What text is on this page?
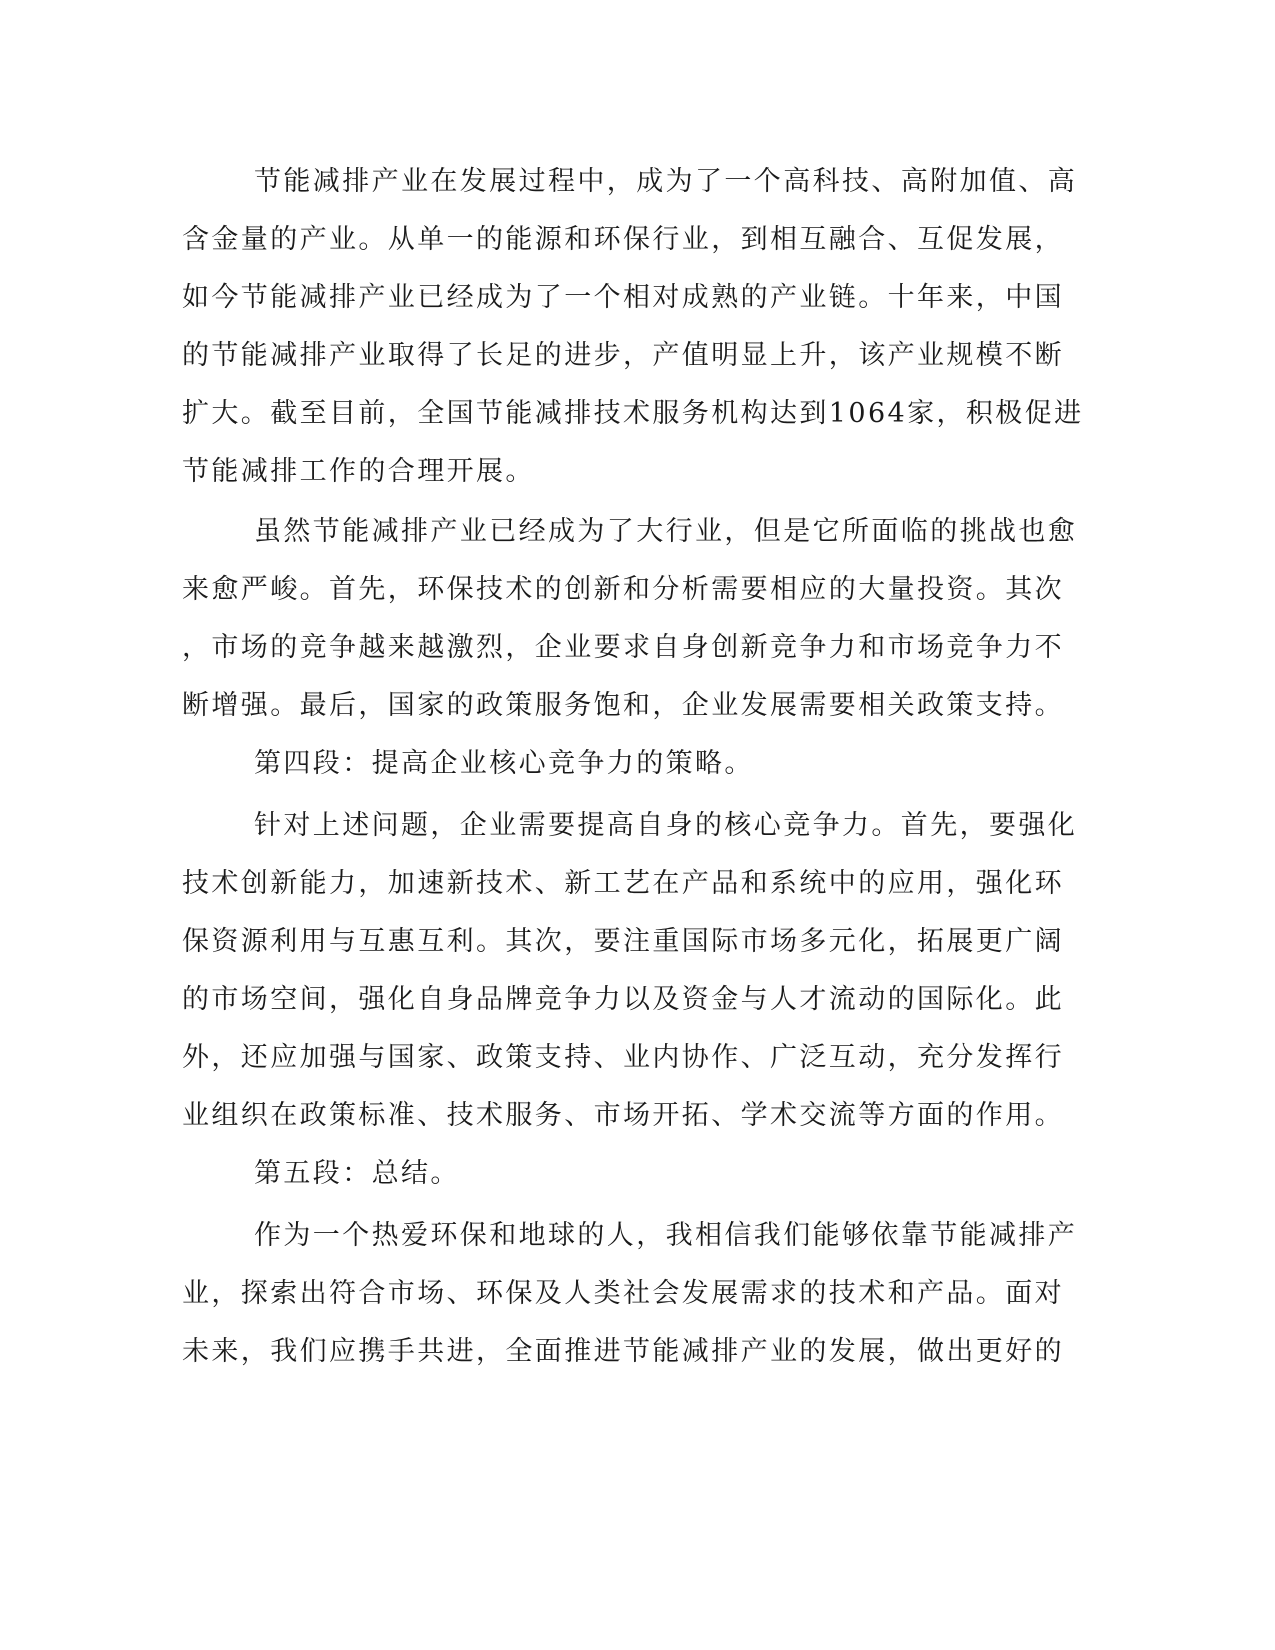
节能减排产业在发展过程中，成为了一个高科技、高附加值、高
含金量的产业。从单一的能源和环保行业，到相互融合、互促发展，
如今节能减排产业已经成为了一个相对成熟的产业链。十年来，中国
的节能减排产业取得了长足的进步，产值明显上升，该产业规模不断
扩大。截至目前，全国节能减排技术服务机构达到1064家，积极促进
节能减排工作的合理开展。
虽然节能减排产业已经成为了大行业，但是它所面临的挑战也愈
来愈严峻。首先，环保技术的创新和分析需要相应的大量投资。其次
，市场的竞争越来越激烈，企业要求自身创新竞争力和市场竞争力不
断增强。最后，国家的政策服务饱和，企业发展需要相关政策支持。
第四段：提高企业核心竞争力的策略。
针对上述问题，企业需要提高自身的核心竞争力。首先，要强化
技术创新能力，加速新技术、新工艺在产品和系统中的应用，强化环
保资源利用与互惠互利。其次，要注重国际市场多元化，拓展更广阔
的市场空间，强化自身品牌竞争力以及资金与人才流动的国际化。此
外，还应加强与国家、政策支持、业内协作、广泛互动，充分发挥行
业组织在政策标准、技术服务、市场开拓、学术交流等方面的作用。
第五段：总结。
作为一个热爱环保和地球的人，我相信我们能够依靠节能减排产
业，探索出符合市场、环保及人类社会发展需求的技术和产品。面对
未来，我们应携手共进，全面推进节能减排产业的发展，做出更好的
